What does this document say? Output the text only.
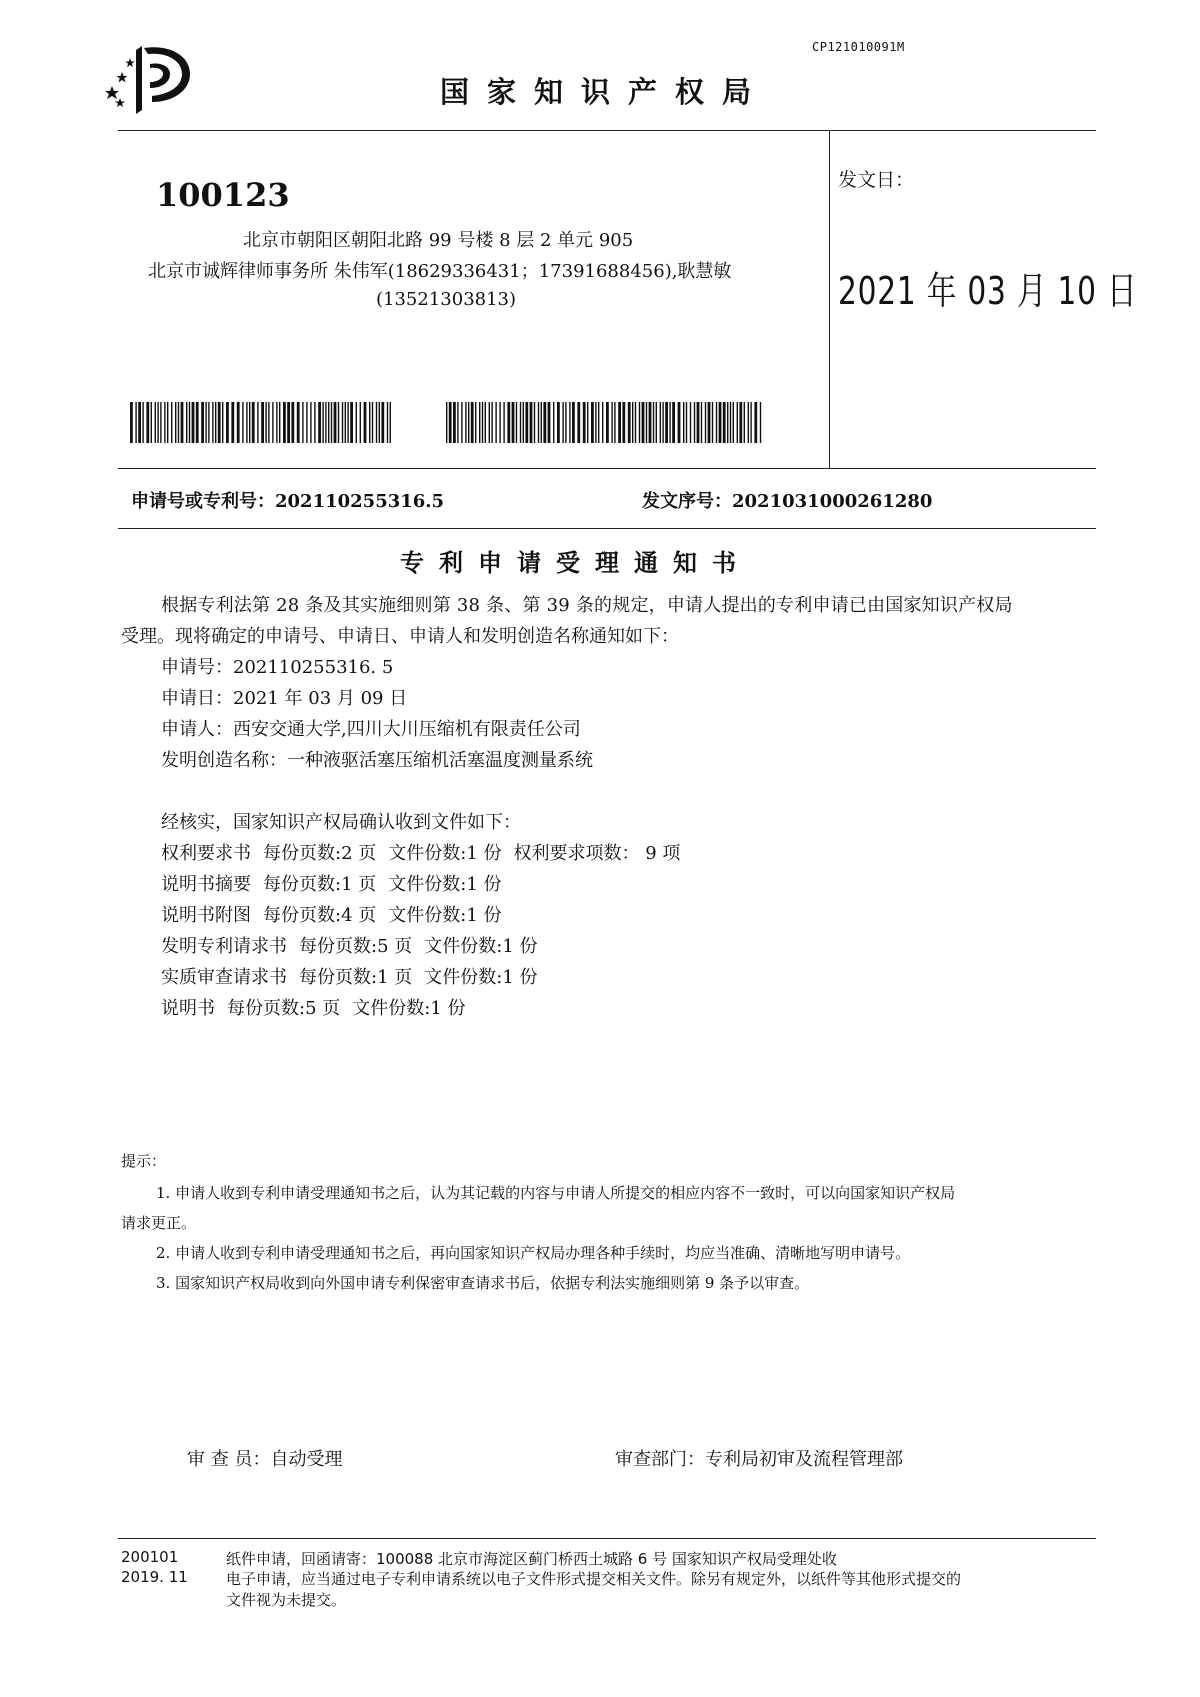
CP121010091M
国家知识产权局
100123
北京市朝阳区朝阳北路 99 号楼 8 层 2 单元 905
北京市诚辉律师事务所 朱伟军(18629336431；17391688456),耿慧敏
(13521303813)
发文日：
2021 年 03 月 10 日
申请号或专利号：202110255316.5	发文序号：2021031000261280
专利申请受理通知书
根据专利法第 28 条及其实施细则第 38 条、第 39 条的规定，申请人提出的专利申请已由国家知识产权局
受理。现将确定的申请号、申请日、申请人和发明创造名称通知如下：
申请号：202110255316. 5
申请日：2021 年 03 月 09 日
申请人：西安交通大学,四川大川压缩机有限责任公司
发明创造名称：一种液驱活塞压缩机活塞温度测量系统
经核实，国家知识产权局确认收到文件如下：
权利要求书 每份页数:2 页 文件份数:1 份 权利要求项数： 9 项
说明书摘要 每份页数:1 页 文件份数:1 份
说明书附图 每份页数:4 页 文件份数:1 份
发明专利请求书 每份页数:5 页 文件份数:1 份
实质审查请求书 每份页数:1 页 文件份数:1 份
说明书 每份页数:5 页 文件份数:1 份
提示：
1. 申请人收到专利申请受理通知书之后，认为其记载的内容与申请人所提交的相应内容不一致时，可以向国家知识产权局
请求更正。
2. 申请人收到专利申请受理通知书之后，再向国家知识产权局办理各种手续时，均应当准确、清晰地写明申请号。
3. 国家知识产权局收到向外国申请专利保密审查请求书后，依据专利法实施细则第 9 条予以审查。
审 查 员：自动受理	审查部门：专利局初审及流程管理部
200101
2019. 11
纸件申请，回函请寄：100088 北京市海淀区蓟门桥西土城路 6 号 国家知识产权局受理处收
电子申请，应当通过电子专利申请系统以电子文件形式提交相关文件。除另有规定外，以纸件等其他形式提交的
文件视为未提交。
